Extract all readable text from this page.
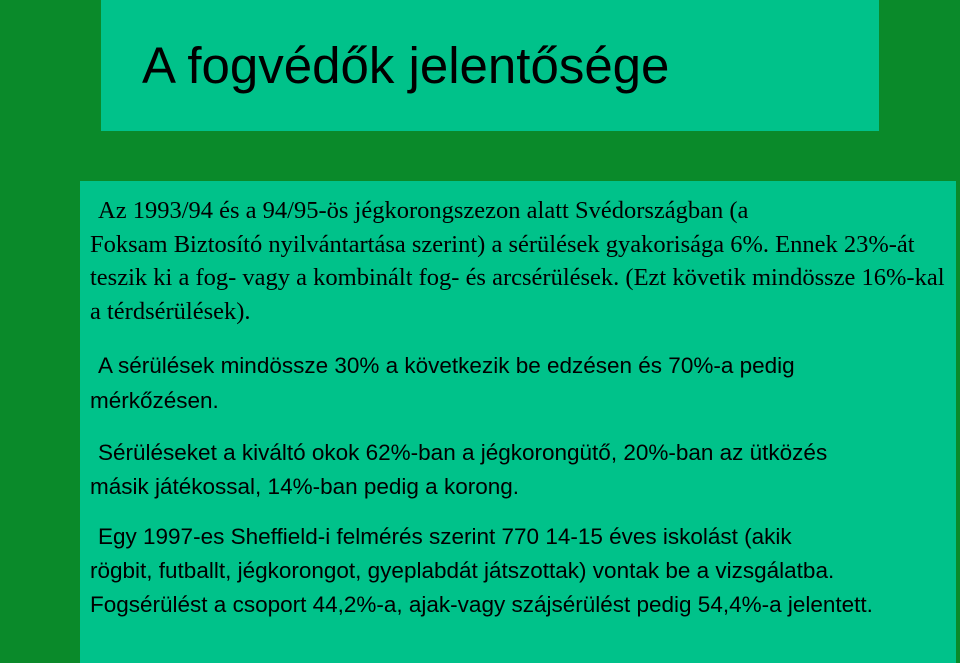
A fogvédők jelentősége
Az 1993/94 és a 94/95-ös jégkorongszezon alatt Svédországban (a
Foksam Biztosító nyilvántartása szerint) a sérülések gyakorisága 6%. Ennek 23%-át teszik ki a fog- vagy a kombinált fog- és arcsérülések. (Ezt követik mindössze 16%-kal a térdsérülések).
A sérülések mindössze 30% a következik be edzésen és 70%-a pedig
mérkőzésen.
Sérüléseket a kiváltó okok 62%-ban a jégkorongütő, 20%-ban az ütközés
másik játékossal, 14%-ban pedig a korong.
Egy 1997-es Sheffield-i felmérés szerint 770 14-15 éves iskolást (akik
rögbit, futballt, jégkorongot, gyeplabdát játszottak) vontak be a vizsgálatba. Fogsérülést a csoport 44,2%-a, ajak-vagy szájsérülést pedig 54,4%-a jelentett.
